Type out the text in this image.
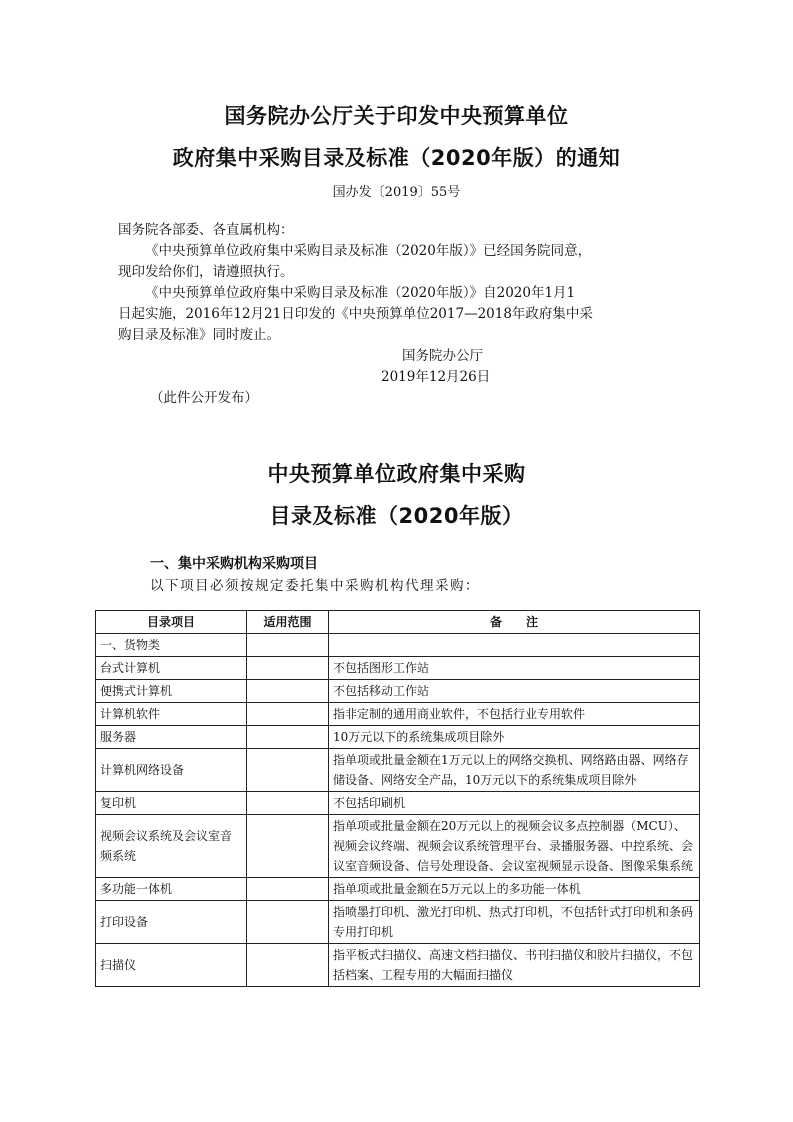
国务院办公厅关于印发中央预算单位
政府集中采购目录及标准（2020年版）的通知
国办发〔2019〕55号
国务院各部委、各直属机构：
《中央预算单位政府集中采购目录及标准（2020年版）》已经国务院同意，
现印发给你们，请遵照执行。
《中央预算单位政府集中采购目录及标准（2020年版）》自2020年1月1
日起实施，2016年12月21日印发的《中央预算单位2017—2018年政府集中采
购目录及标准》同时废止。
国务院办公厅
2019年12月26日
（此件公开发布）
中央预算单位政府集中采购
目录及标准（2020年版）
一、集中采购机构采购项目
以下项目必须按规定委托集中采购机构代理采购：
目录项目	适用范围	备　　注
一、货物类		
台式计算机		不包括图形工作站
便携式计算机		不包括移动工作站
计算机软件		指非定制的通用商业软件，不包括行业专用软件
服务器		10万元以下的系统集成项目除外
计算机网络设备		指单项或批量金额在1万元以上的网络交换机、网络路由器、网络存储设备、网络安全产品，10万元以下的系统集成项目除外
复印机		不包括印刷机
视频会议系统及会议室音频系统		指单项或批量金额在20万元以上的视频会议多点控制器（MCU）、视频会议终端、视频会议系统管理平台、录播服务器、中控系统、会议室音频设备、信号处理设备、会议室视频显示设备、图像采集系统
多功能一体机		指单项或批量金额在5万元以上的多功能一体机
打印设备		指喷墨打印机、激光打印机、热式打印机，不包括针式打印机和条码专用打印机
扫描仪		指平板式扫描仪、高速文档扫描仪、书刊扫描仪和胶片扫描仪，不包括档案、工程专用的大幅面扫描仪
